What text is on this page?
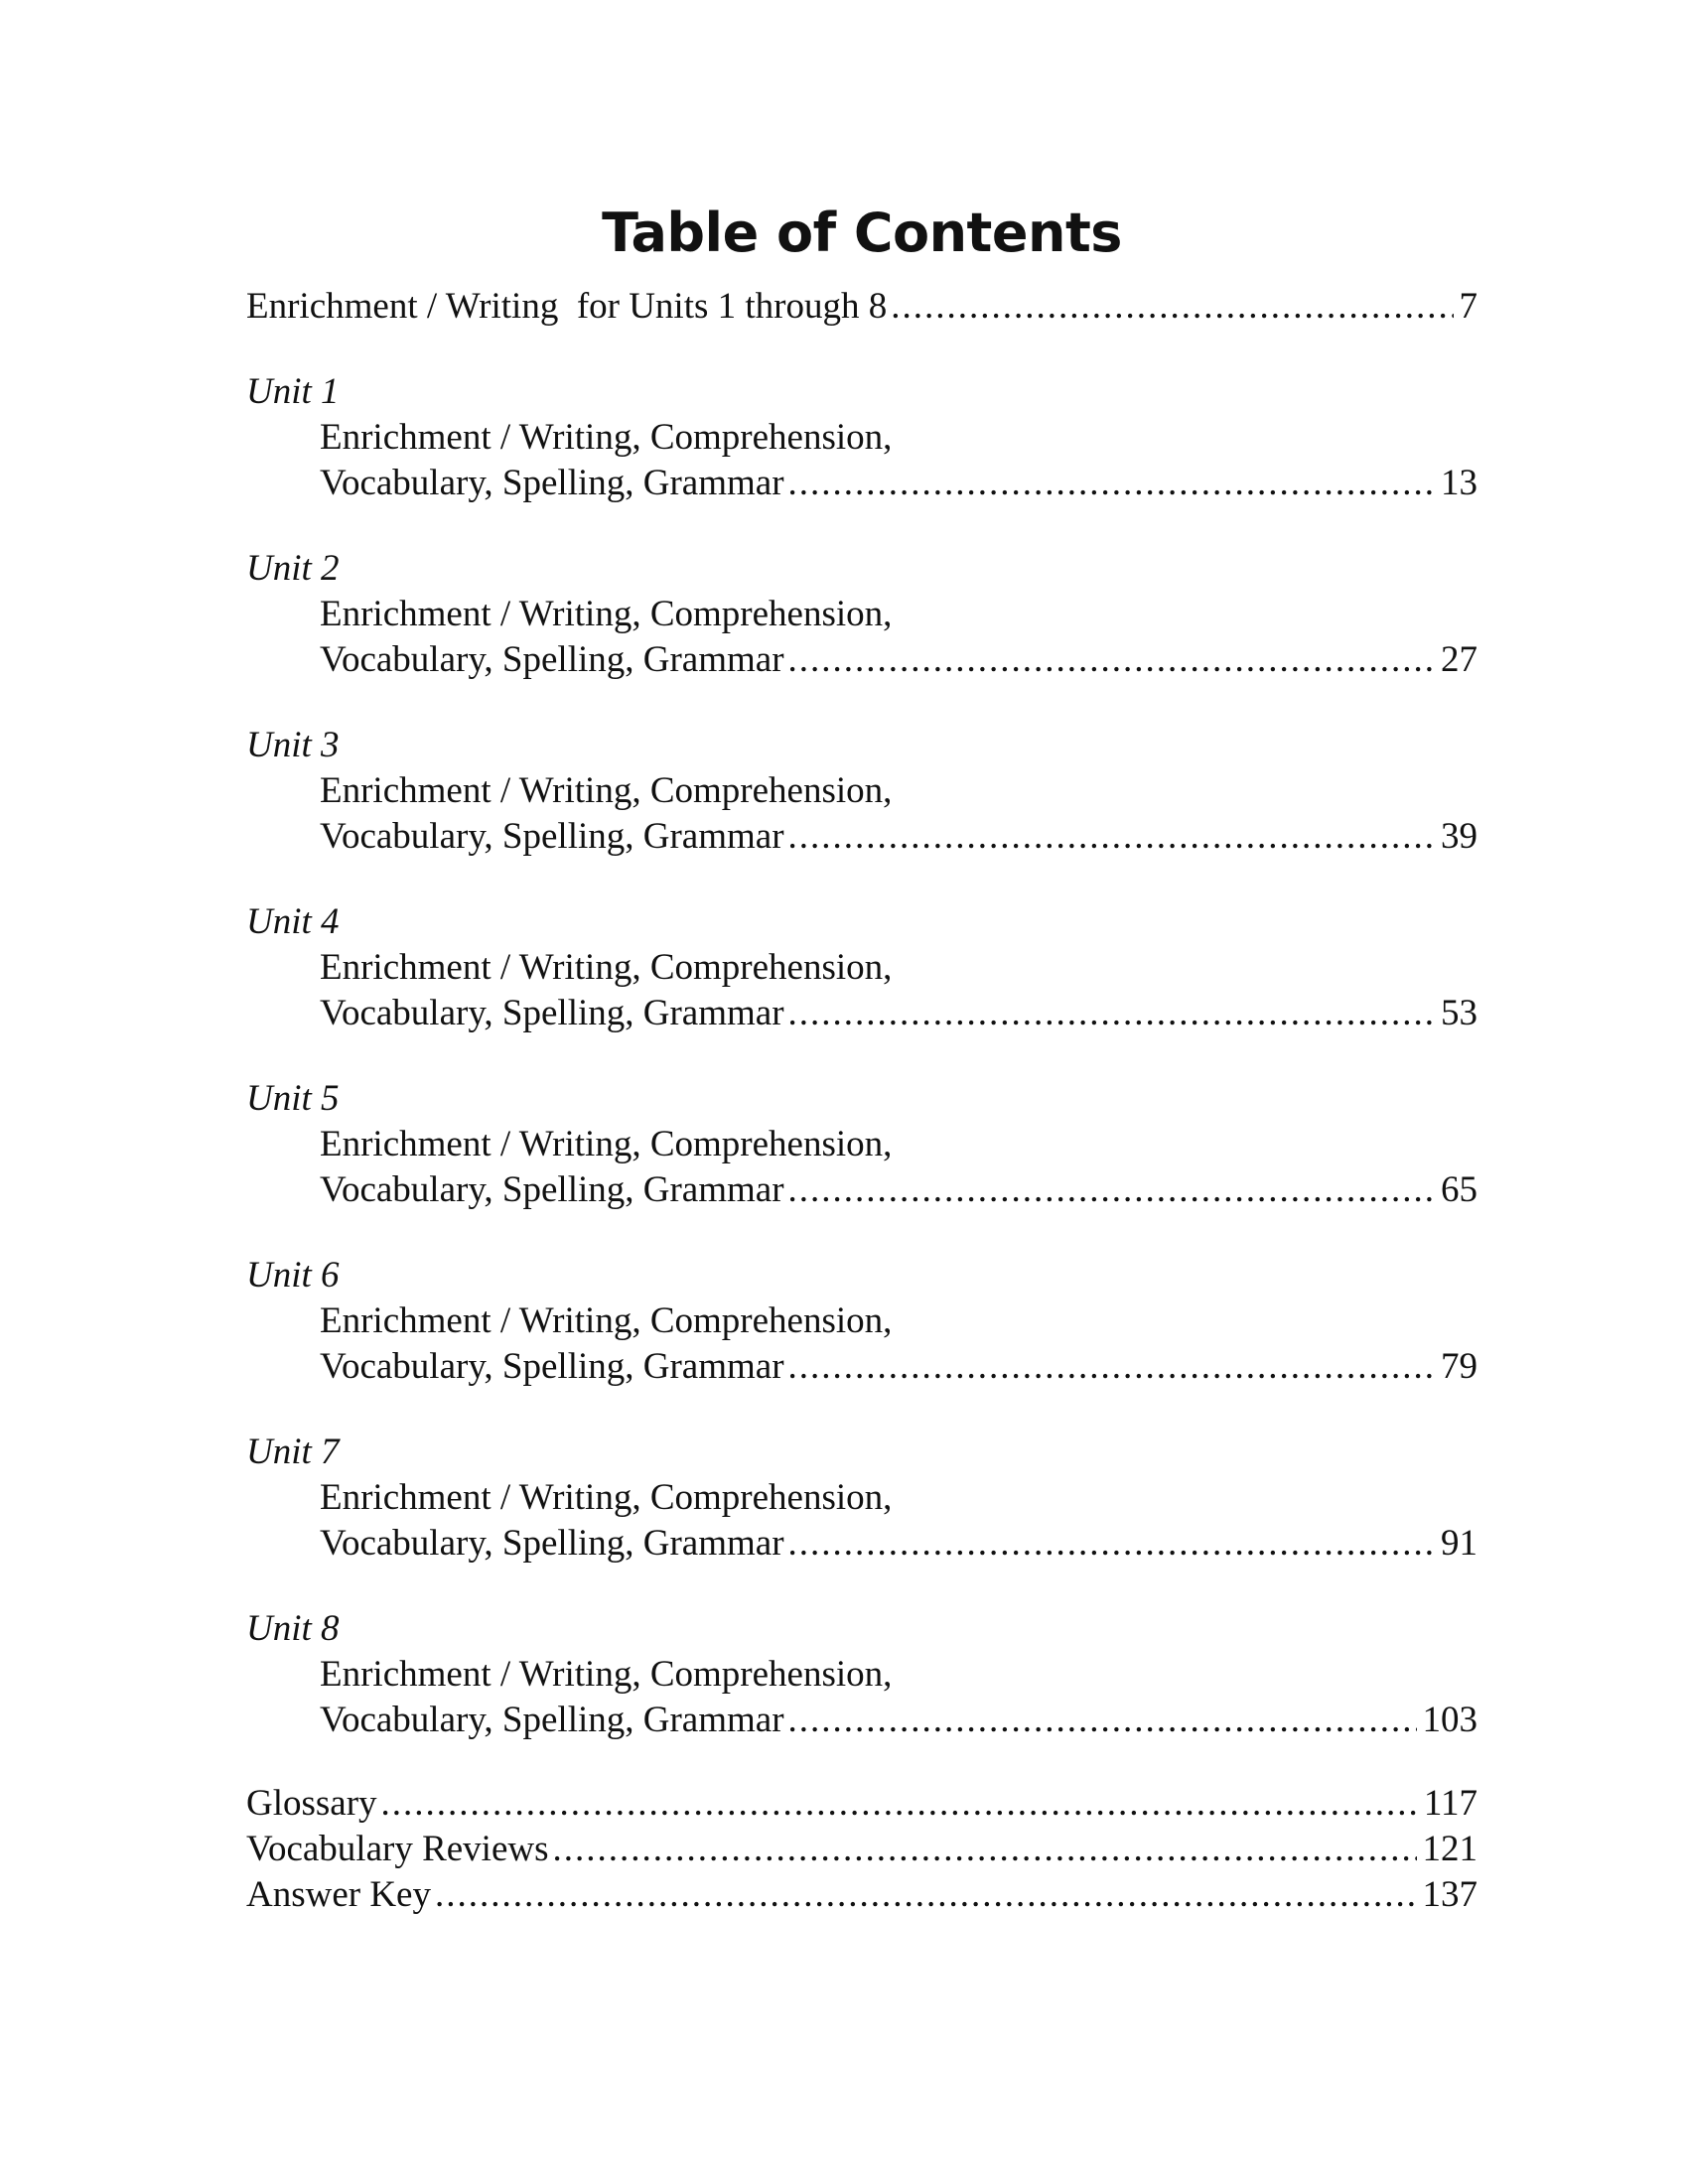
Table of Contents
Enrichment / Writing  for Units 1 through 8 .....	7
Unit 1
Enrichment / Writing, Comprehension,
Vocabulary, Spelling, Grammar .....	13
Unit 2
Enrichment / Writing, Comprehension,
Vocabulary, Spelling, Grammar .....	27
Unit 3
Enrichment / Writing, Comprehension,
Vocabulary, Spelling, Grammar .....	39
Unit 4
Enrichment / Writing, Comprehension,
Vocabulary, Spelling, Grammar .....	53
Unit 5
Enrichment / Writing, Comprehension,
Vocabulary, Spelling, Grammar .....	65
Unit 6
Enrichment / Writing, Comprehension,
Vocabulary, Spelling, Grammar .....	79
Unit 7
Enrichment / Writing, Comprehension,
Vocabulary, Spelling, Grammar .....	91
Unit 8
Enrichment / Writing, Comprehension,
Vocabulary, Spelling, Grammar .....	103
Glossary .....	117
Vocabulary Reviews .....	121
Answer Key .....	137
